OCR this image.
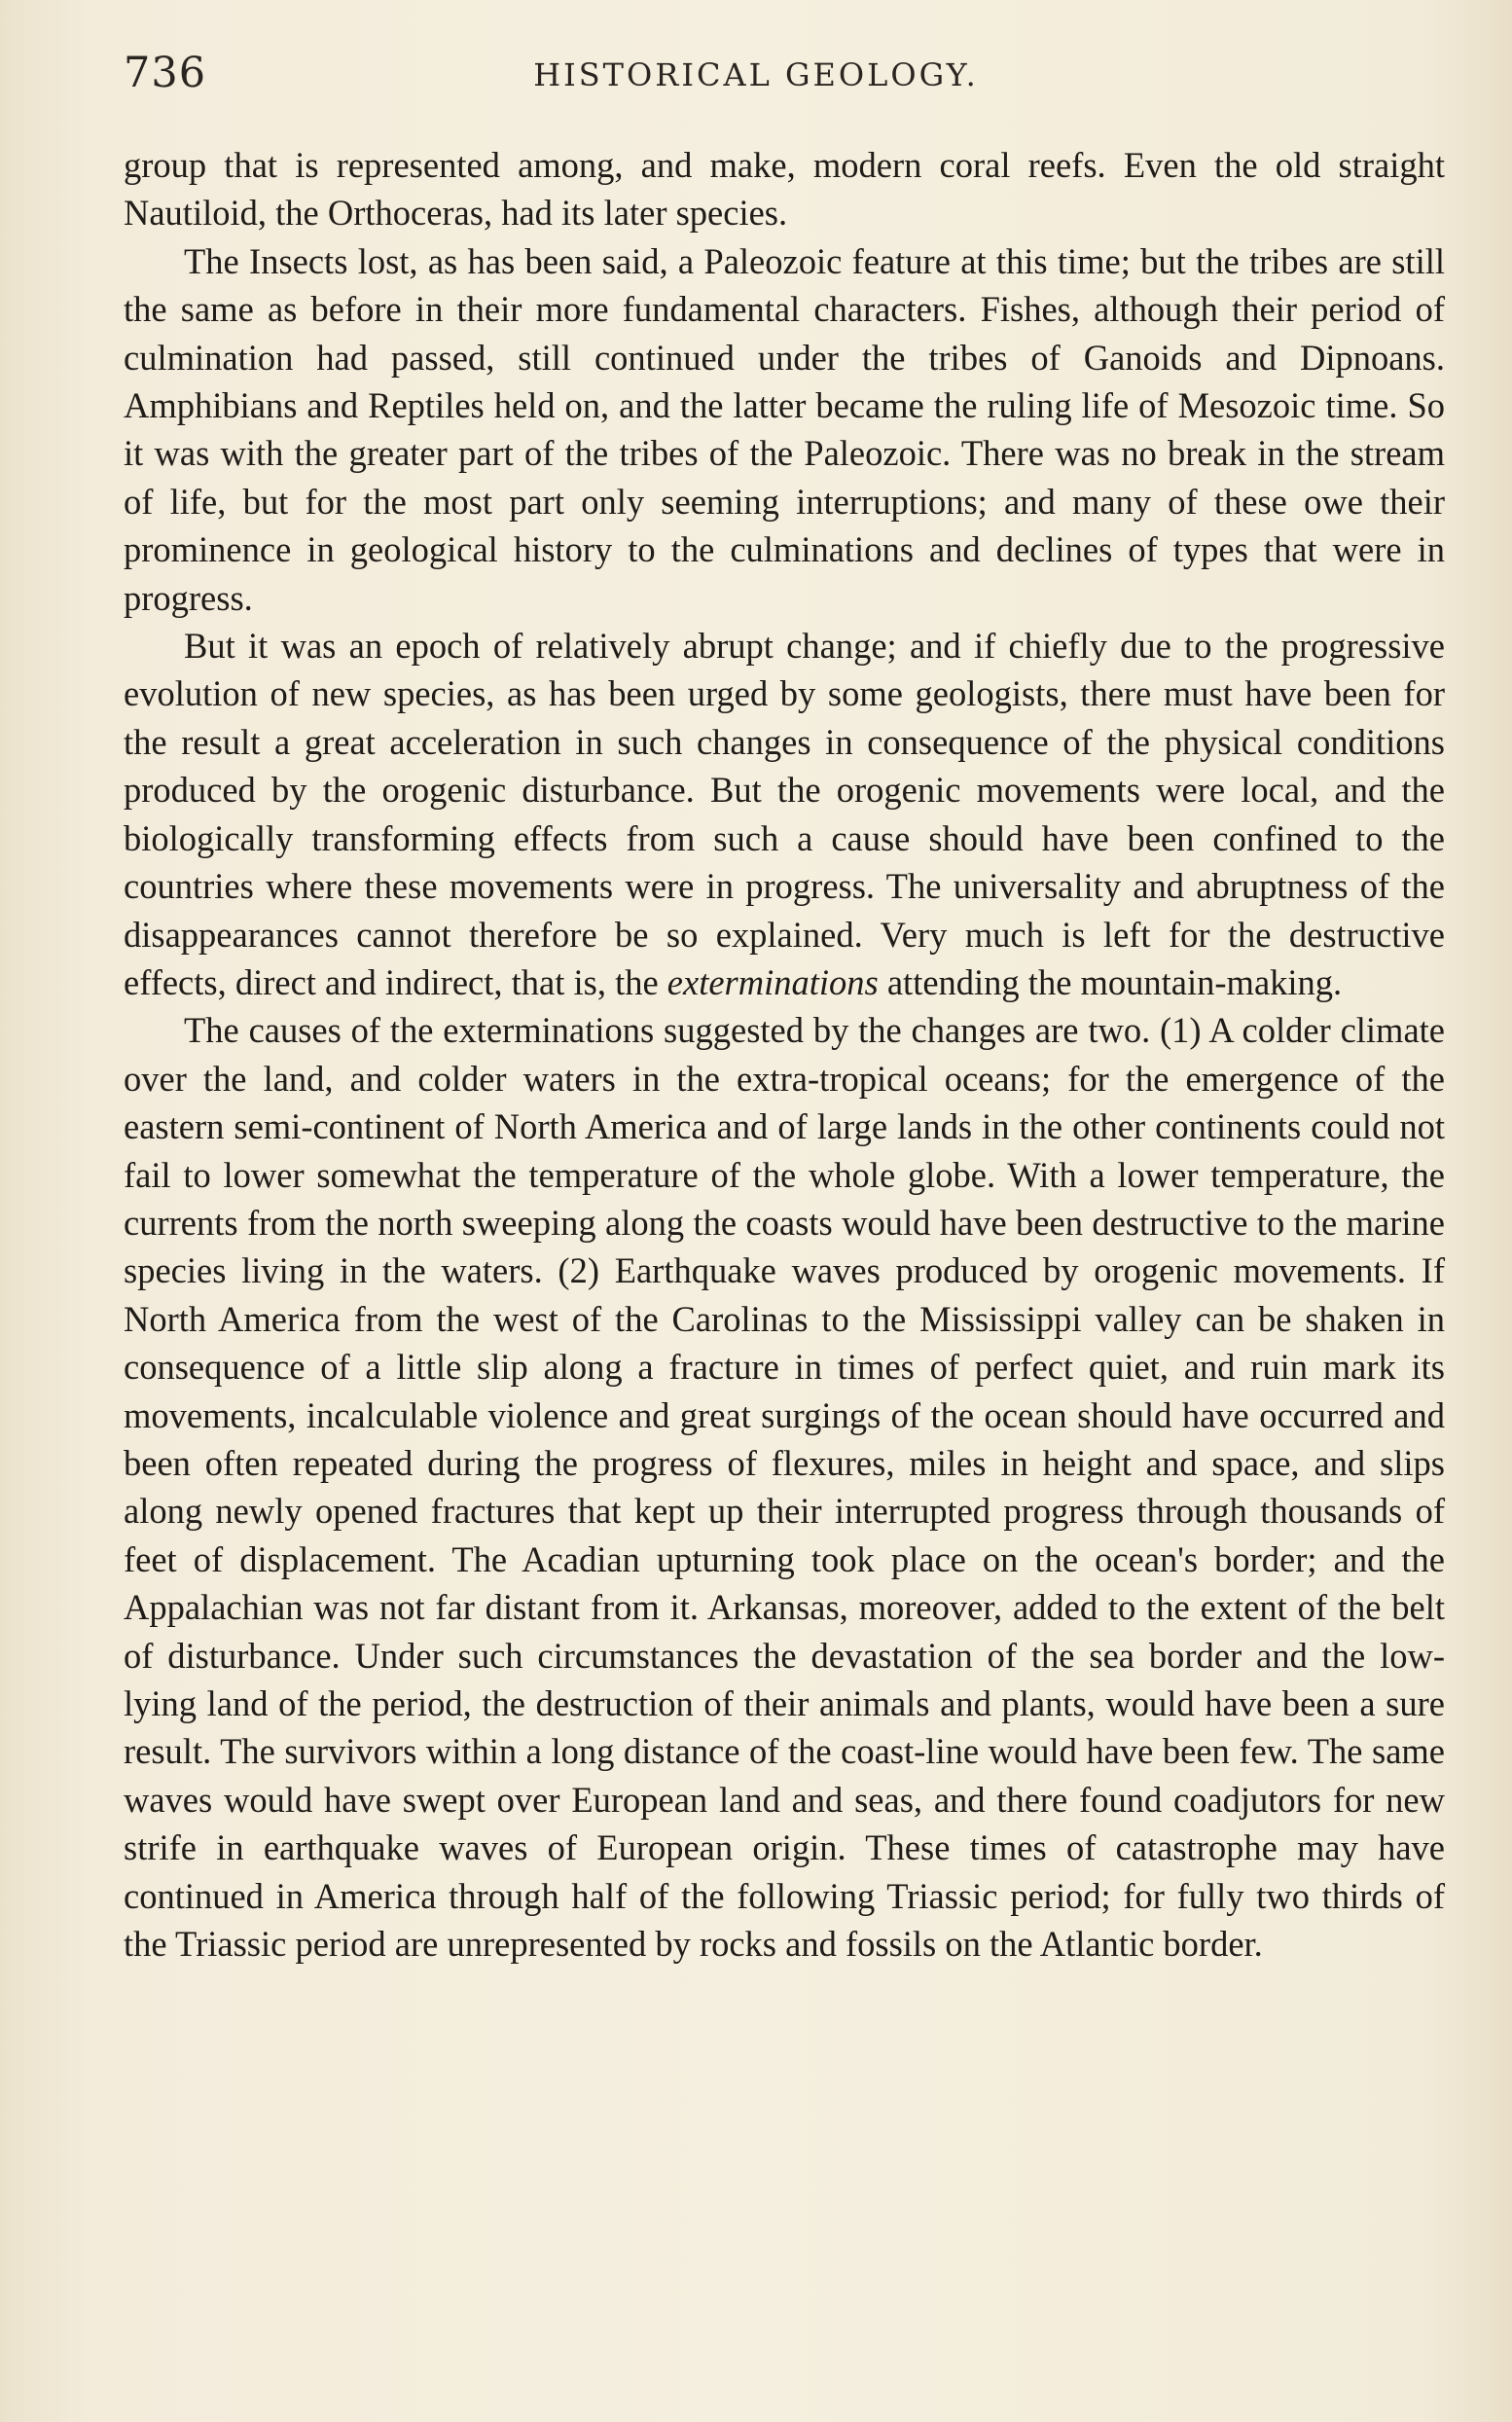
736	HISTORICAL GEOLOGY.

group that is represented among, and make, modern coral reefs. Even the old straight Nautiloid, the Orthoceras, had its later species.

The Insects lost, as has been said, a Paleozoic feature at this time; but the tribes are still the same as before in their more fundamental characters. Fishes, although their period of culmination had passed, still continued under the tribes of Ganoids and Dipnoans. Amphibians and Reptiles held on, and the latter became the ruling life of Mesozoic time. So it was with the greater part of the tribes of the Paleozoic. There was no break in the stream of life, but for the most part only seeming interruptions; and many of these owe their prominence in geological history to the culminations and declines of types that were in progress.

But it was an epoch of relatively abrupt change; and if chiefly due to the progressive evolution of new species, as has been urged by some geologists, there must have been for the result a great acceleration in such changes in consequence of the physical conditions produced by the orogenic disturbance. But the orogenic movements were local, and the biologically transforming effects from such a cause should have been confined to the countries where these movements were in progress. The universality and abruptness of the disappearances cannot therefore be so explained. Very much is left for the destructive effects, direct and indirect, that is, the exterminations attending the mountain-making.

The causes of the exterminations suggested by the changes are two. (1) A colder climate over the land, and colder waters in the extra-tropical oceans; for the emergence of the eastern semi-continent of North America and of large lands in the other continents could not fail to lower somewhat the temperature of the whole globe. With a lower temperature, the currents from the north sweeping along the coasts would have been destructive to the marine species living in the waters. (2) Earthquake waves produced by orogenic movements. If North America from the west of the Carolinas to the Mississippi valley can be shaken in consequence of a little slip along a fracture in times of perfect quiet, and ruin mark its movements, incalculable violence and great surgings of the ocean should have occurred and been often repeated during the progress of flexures, miles in height and space, and slips along newly opened fractures that kept up their interrupted progress through thousands of feet of displacement. The Acadian upturning took place on the ocean's border; and the Appalachian was not far distant from it. Arkansas, moreover, added to the extent of the belt of disturbance. Under such circumstances the devastation of the sea border and the low-lying land of the period, the destruction of their animals and plants, would have been a sure result. The survivors within a long distance of the coast-line would have been few. The same waves would have swept over European land and seas, and there found coadjutors for new strife in earthquake waves of European origin. These times of catastrophe may have continued in America through half of the following Triassic period; for fully two thirds of the Triassic period are unrepresented by rocks and fossils on the Atlantic border.
